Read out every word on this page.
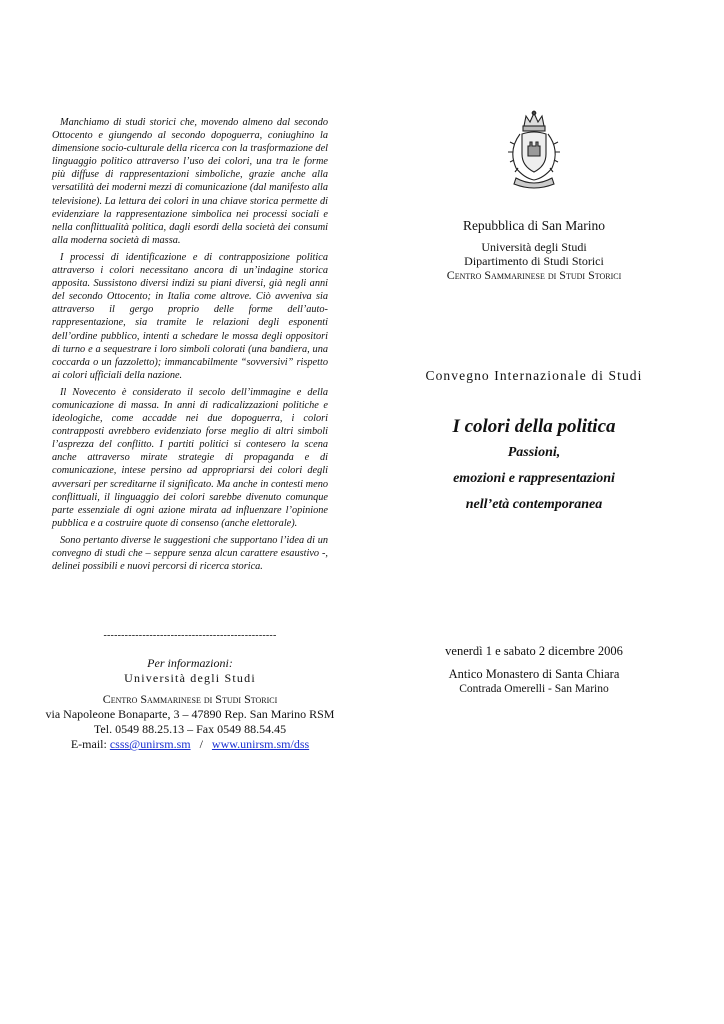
Manchiamo di studi storici che, movendo almeno dal secondo Ottocento e giungendo al secondo dopoguerra, coniughino la dimensione socio-culturale della ricerca con la trasformazione del linguaggio politico attraverso l’uso dei colori, una tra le forme più diffuse di rappresentazioni simboliche, grazie anche alla versatilità dei moderni mezzi di comunicazione (dal manifesto alla televisione). La lettura dei colori in una chiave storica permette di evidenziare la rappresentazione simbolica nei processi sociali e nella conflittualità politica, dagli esordi della società dei consumi alla moderna società di massa.

I processi di identificazione e di contrapposizione politica attraverso i colori necessitano ancora di un’indagine storica apposita. Sussistono diversi indizi su piani diversi, già negli anni del secondo Ottocento; in Italia come altrove. Ciò avveniva sia attraverso il gergo proprio delle forme dell’auto-rappresentazione, sia tramite le relazioni degli esponenti dell’ordine pubblico, intenti a schedare le mossa degli oppositori di turno e a sequestrare i loro simboli colorati (una bandiera, una coccarda o un fazzoletto); immancabilmente “sovversivi” rispetto ai colori ufficiali della nazione.

Il Novecento è considerato il secolo dell’immagine e della comunicazione di massa. In anni di radicalizzazioni politiche e ideologiche, come accadde nei due dopoguerra, i colori contrapposti avrebbero evidenziato forse meglio di altri simboli l’asprezza del conflitto. I partiti politici si contesero la scena anche attraverso mirate strategie di propaganda e di comunicazione, intese persino ad appropriarsi dei colori degli avversari per screditarne il significato. Ma anche in contesti meno conflittuali, il linguaggio dei colori sarebbe divenuto comunque parte essenziale di ogni azione mirata ad influenzare l’opinione pubblica e a costruire quote di consenso (anche elettorale).

Sono pertanto diverse le suggestioni che supportano l’idea di un convegno di studi che – seppure senza alcun carattere esaustivo -, delinei possibili e nuovi percorsi di ricerca storica.

-------------------------------------------------
Per informazioni:
Università degli Studi
Centro Sammarinese di Studi Storici
via Napoleone Bonaparte, 3 – 47890 Rep. San Marino RSM
Tel. 0549 88.25.13 – Fax 0549 88.54.45
E-mail: csss@unirsm.sm   /   www.unirsm.sm/dss
Repubblica di San Marino
Università degli Studi
Dipartimento di Studi Storici
Centro Sammarinese di Studi Storici
Convegno Internazionale di Studi
I colori della politica
Passioni,
emozioni e rappresentazioni
nell’età contemporanea
venerdì 1 e sabato 2 dicembre 2006
Antico Monastero di Santa Chiara
Contrada Omerelli - San Marino
